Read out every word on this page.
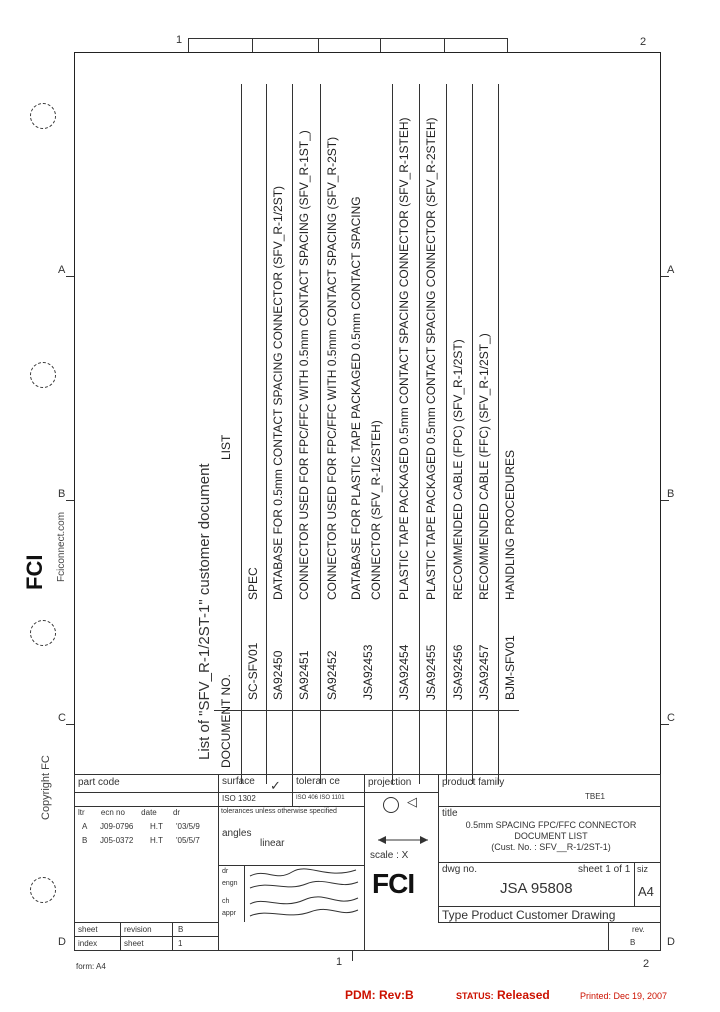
1	2
A	A
B	B
C	C
D	D
1	2
Copyright FC
FCI Fciconnect.com
form: A4
List of "SFV_R-1/2ST-1" customer document DOCUMENT NO.
LIST
SC-SFV01
SPEC
SA92450
DATABASE FOR 0.5mm CONTACT SPACING CONNECTOR (SFV_R-1/2ST)
SA92451
CONNECTOR USED FOR FPC/FFC WITH 0.5mm CONTACT SPACING (SFV_R-1ST_)
SA92452
CONNECTOR USED FOR FPC/FFC WITH 0.5mm CONTACT SPACING (SFV_R-2ST)
JSA92453
DATABASE FOR PLASTIC TAPE PACKAGED 0.5mm CONTACT SPACING CONNECTOR (SFV_R-1/2STEH)
JSA92454
PLASTIC TAPE PACKAGED 0.5mm CONTACT SPACING CONNECTOR (SFV_R-1STEH)
JSA92455
PLASTIC TAPE PACKAGED 0.5mm CONTACT SPACING CONNECTOR (SFV_R-2STEH)
JSA92456
RECOMMENDED CABLE (FPC) (SFV_R-1/2ST)
JSA92457
RECOMMENDED CABLE (FFC) (SFV_R-1/2ST_)
BJM-SFV01
HANDLING PROCEDURES
part code	surface
ISO 1302
✓ toleran ce
ISO 406 ISO 1101
projection
◁
product family
TBE1
title
0.5mm SPACING FPC/FFC CONNECTOR
DOCUMENT LIST
(Cust. No. : SFV__R-1/2ST-1)
ltr ecn no date dr
A J09-0796 H.T '03/5/9
B J05-0372 H.T '05/5/7
tolerances unless otherwise specified
angles
linear
scale : X
dr
engn
ch
appr
FCI	dwg no.	sheet 1 of 1 siz
JSA 95808	A4
Type Product Customer Drawing
sheet	revision	B
index	sheet	1
rev.
B
PDM: Rev:B	STATUS: Released	Printed: Dec 19, 2007
